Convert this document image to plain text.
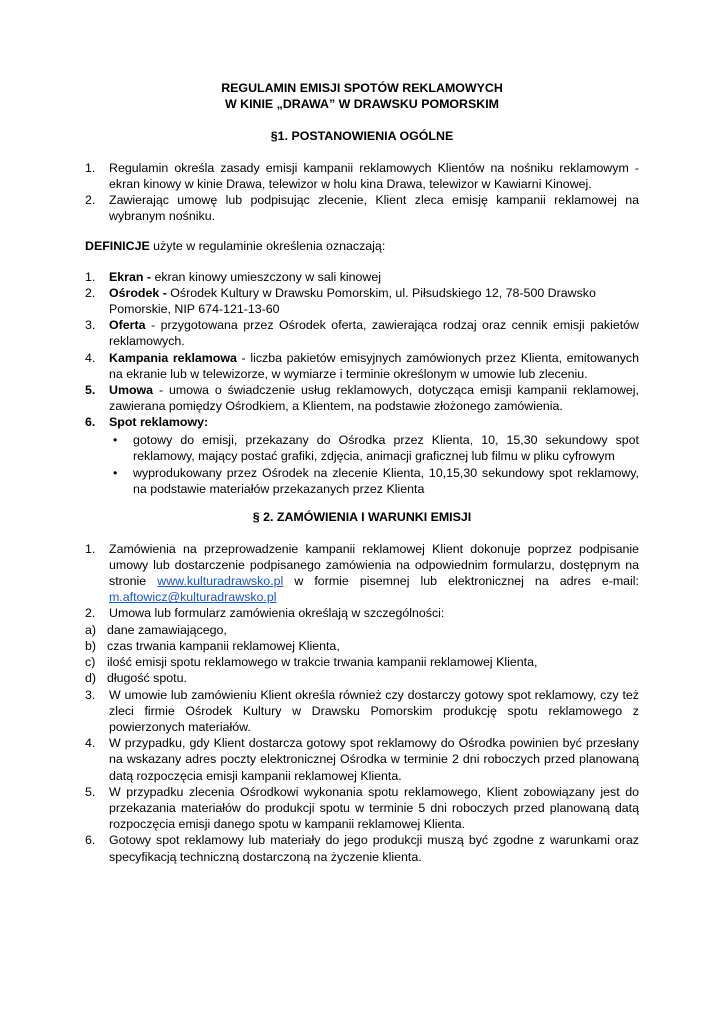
REGULAMIN EMISJI SPOTÓW REKLAMOWYCH
W KINIE „DRAWA” W DRAWSKU POMORSKIM
§1. POSTANOWIENIA OGÓLNE
1. Regulamin określa zasady emisji kampanii reklamowych Klientów na nośniku reklamowym - ekran kinowy w kinie Drawa, telewizor w holu kina Drawa, telewizor w Kawiarni Kinowej.
2. Zawierając umowę lub podpisując zlecenie, Klient zleca emisję kampanii reklamowej na wybranym nośniku.
DEFINICJE użyte w regulaminie określenia oznaczają:
1. Ekran - ekran kinowy umieszczony w sali kinowej
2. Ośrodek - Ośrodek Kultury w Drawsku Pomorskim, ul. Piłsudskiego 12, 78-500 Drawsko Pomorskie, NIP 674-121-13-60
3. Oferta - przygotowana przez Ośrodek oferta, zawierająca rodzaj oraz cennik emisji pakietów reklamowych.
4. Kampania reklamowa - liczba pakietów emisyjnych zamówionych przez Klienta, emitowanych na ekranie lub w telewizorze, w wymiarze i terminie określonym w umowie lub zleceniu.
5. Umowa - umowa o świadczenie usług reklamowych, dotycząca emisji kampanii reklamowej, zawierana pomiędzy Ośrodkiem, a Klientem, na podstawie złożonego zamówienia.
6. Spot reklamowy:
• gotowy do emisji, przekazany do Ośrodka przez Klienta, 10, 15,30 sekundowy spot reklamowy, mający postać grafiki, zdjęcia, animacji graficznej lub filmu w pliku cyfrowym
• wyprodukowany przez Ośrodek na zlecenie Klienta, 10,15,30 sekundowy spot reklamowy, na podstawie materiałów przekazanych przez Klienta
§ 2. ZAMÓWIENIA I WARUNKI EMISJI
1. Zamówienia na przeprowadzenie kampanii reklamowej Klient dokonuje poprzez podpisanie umowy lub dostarczenie podpisanego zamówienia na odpowiednim formularzu, dostępnym na stronie www.kulturadrawsko.pl w formie pisemnej lub elektronicznej na adres e-mail: m.aftowicz@kulturadrawsko.pl
2. Umowa lub formularz zamówienia określają w szczególności:
a) dane zamawiającego,
b) czas trwania kampanii reklamowej Klienta,
c) ilość emisji spotu reklamowego w trakcie trwania kampanii reklamowej Klienta,
d) długość spotu.
3. W umowie lub zamówieniu Klient określa również czy dostarczy gotowy spot reklamowy, czy też zleci firmie Ośrodek Kultury w Drawsku Pomorskim produkcję spotu reklamowego z powierzonych materiałów.
4. W przypadku, gdy Klient dostarcza gotowy spot reklamowy do Ośrodka powinien być przesłany na wskazany adres poczty elektronicznej Ośrodka w terminie 2 dni roboczych przed planowaną datą rozpoczęcia emisji kampanii reklamowej Klienta.
5. W przypadku zlecenia Ośrodkowi wykonania spotu reklamowego, Klient zobowiązany jest do przekazania materiałów do produkcji spotu w terminie 5 dni roboczych przed planowaną datą rozpoczęcia emisji danego spotu w kampanii reklamowej Klienta.
6. Gotowy spot reklamowy lub materiały do jego produkcji muszą być zgodne z warunkami oraz specyfikacją techniczną dostarczoną na życzenie klienta.
